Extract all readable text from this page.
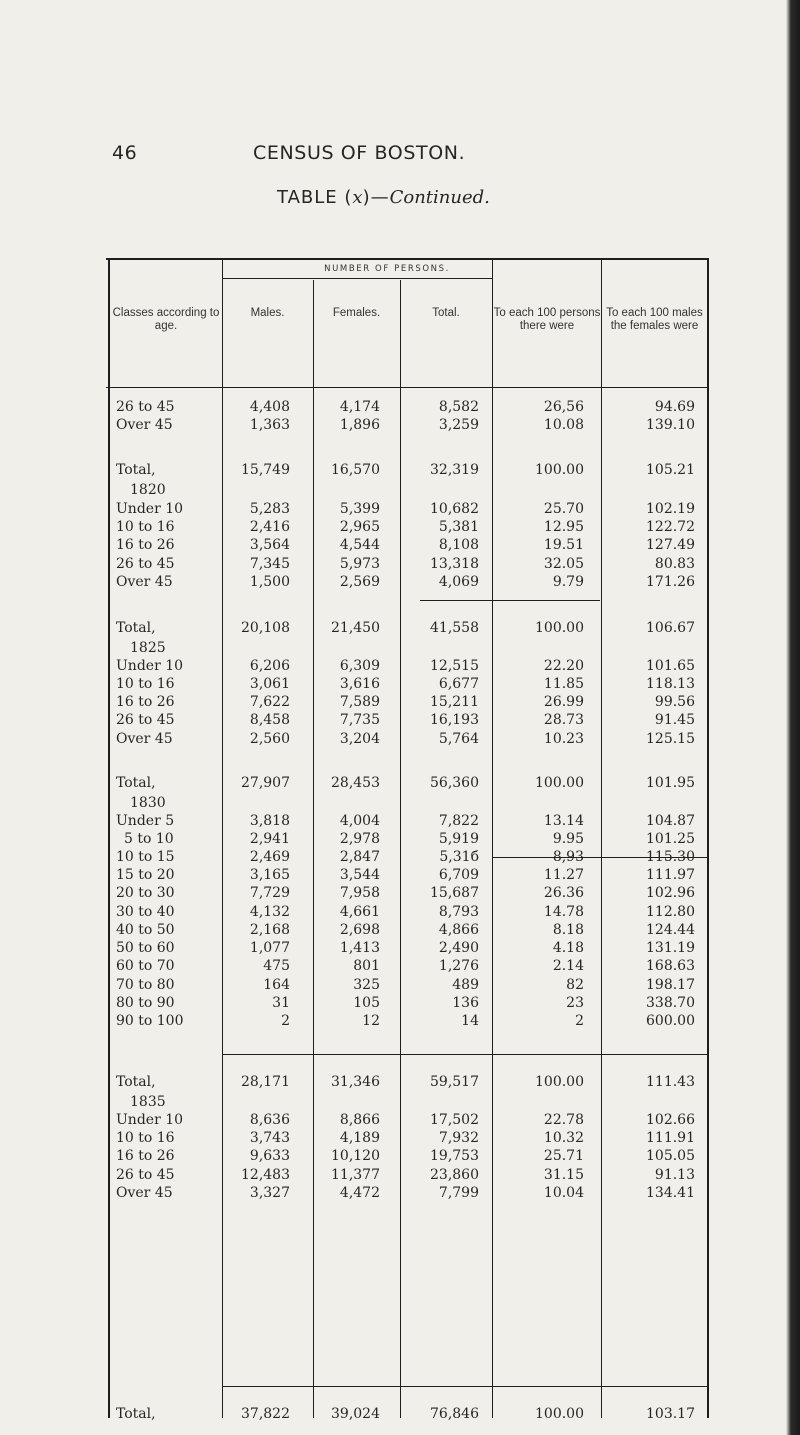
46	CENSUS OF BOSTON.
TABLE (x)—Continued.
NUMBER OF PERSONS.
Classes according to age.
Males.	Females.	Total.	To each 100 persons there were
To each 100 males the females were
26 to 45	4,408	4,174	8,582	26,56	94.69
Over 45	1,363	1,896	3,259	10.08	139.10
Total,	15,749	16,570	32,319	100.00	105.21
1820
Under 10	5,283	5,399	10,682	25.70	102.19
10 to 16	2,416	2,965	5,381	12.95	122.72
16 to 26	3,564	4,544	8,108	19.51	127.49
26 to 45	7,345	5,973	13,318	32.05	80.83
Over 45	1,500	2,569	4,069	9.79	171.26
Total,	20,108	21,450	41,558	100.00	106.67
1825
Under 10	6,206	6,309	12,515	22.20	101.65
10 to 16	3,061	3,616	6,677	11.85	118.13
16 to 26	7,622	7,589	15,211	26.99	99.56
26 to 45	8,458	7,735	16,193	28.73	91.45
Over 45	2,560	3,204	5,764	10.23	125.15
Total,	27,907	28,453	56,360	100.00	101.95
1830
Under 5	3,818	4,004	7,822	13.14	104.87
5 to 10	2,941	2,978	5,919	9.95	101.25
10 to 15	2,469	2,847	5,31б	8,93	115.30
15 to 20	3,165	3,544	6,709	11.27	111.97
20 to 30	7,729	7,958	15,687	26.36	102.96
30 to 40	4,132	4,661	8,793	14.78	112.80
40 to 50	2,168	2,698	4,866	8.18	124.44
50 to 60	1,077	1,413	2,490	4.18	131.19
60 to 70	475	801	1,276	2.14	168.63
70 to 80	164	325	489	82	198.17
80 to 90	31	105	136	23	338.70
90 to 100	2	12	14	2	600.00
Total,	28,171	31,346	59,517	100.00	111.43
1835
Under 10	8,636	8,866	17,502	22.78	102.66
10 to 16	3,743	4,189	7,932	10.32	111.91
16 to 26	9,633	10,120	19,753	25.71	105.05
26 to 45	12,483	11,377	23,860	31.15	91.13
Over 45	3,327	4,472	7,799	10.04	134.41
Total,	37,822	39,024	76,846	100.00	103.17
